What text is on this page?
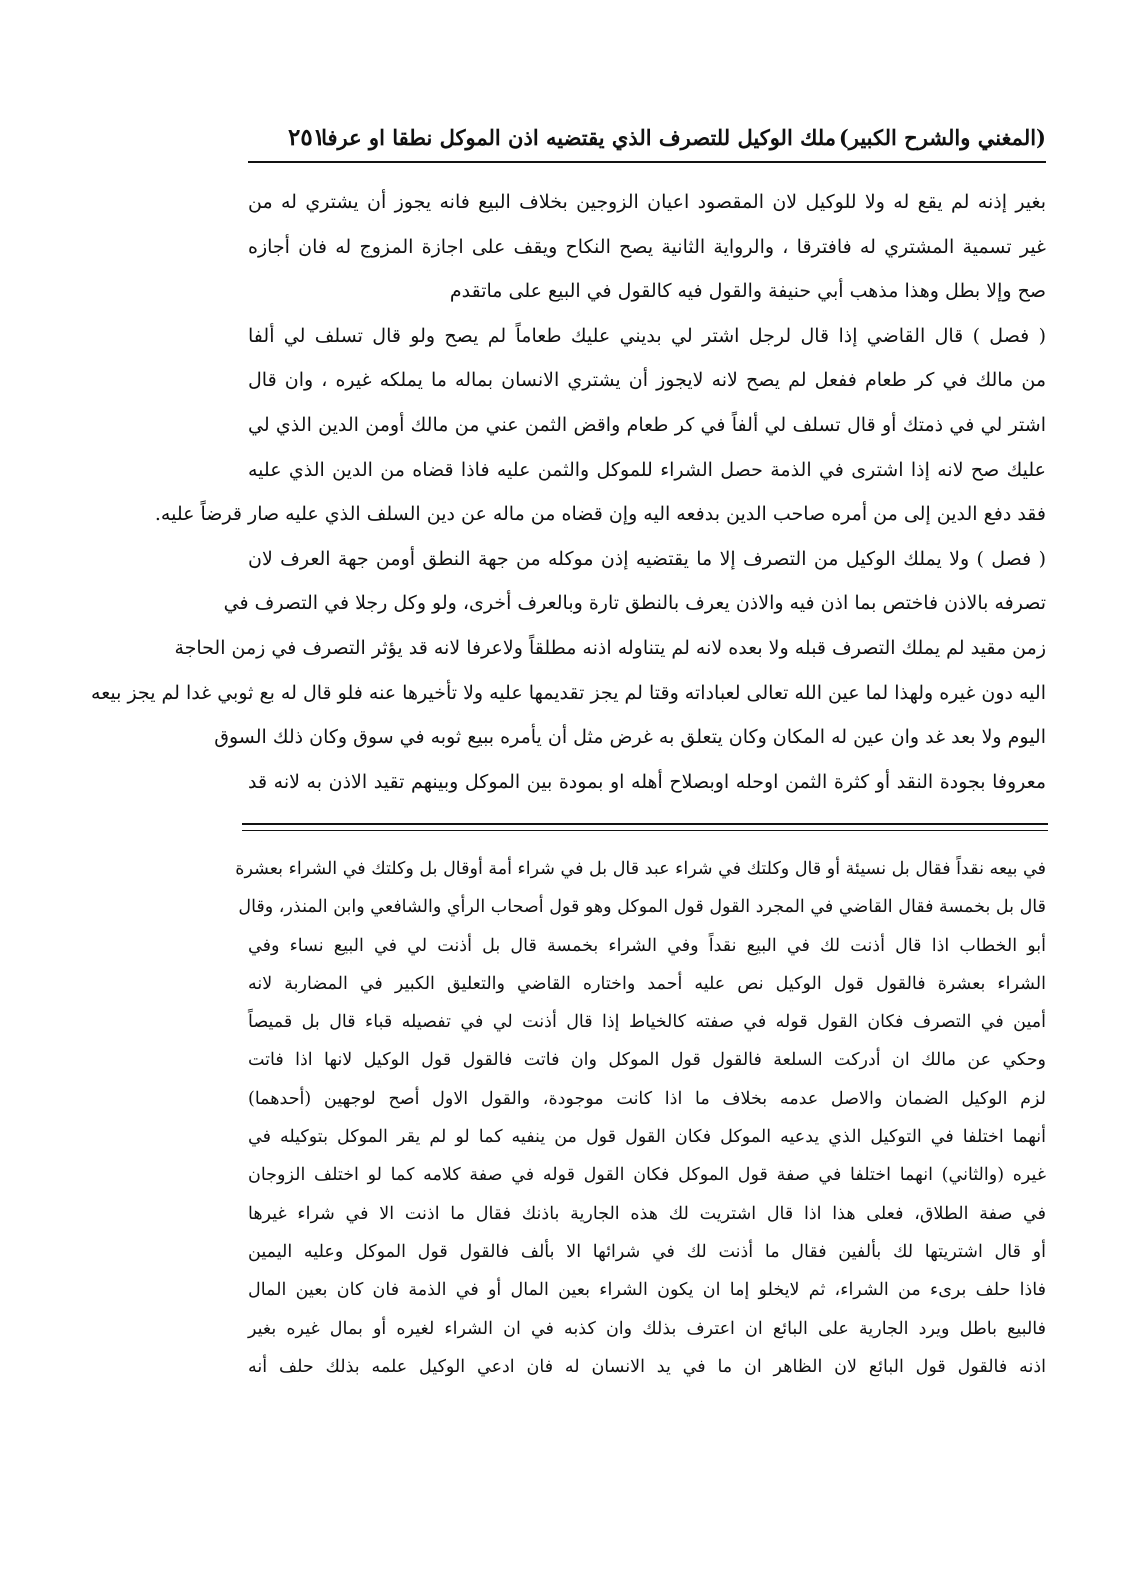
(المغني والشرح الكبير)
ملك الوكيل للتصرف الذي يقتضيه اذن الموكل نطقا او عرفا
٢٥١
بغير إذنه لم يقع له ولا للوكيل لان المقصود اعيان الزوجين بخلاف البيع فانه يجوز أن يشتري له من
غير تسمية المشتري له فافترقا ، والرواية الثانية يصح النكاح ويقف على اجازة المزوج له فان أجازه
صح وإلا بطل وهذا مذهب أبي حنيفة والقول فيه كالقول في البيع على ماتقدم
( فصل ) قال القاضي إذا قال لرجل اشتر لي بديني عليك طعاماً لم يصح ولو قال تسلف لي ألفا
من مالك في كر طعام ففعل لم يصح لانه لايجوز أن يشتري الانسان بماله ما يملكه غيره ، وان قال
اشتر لي في ذمتك أو قال تسلف لي ألفاً في كر طعام واقض الثمن عني من مالك أومن الدين الذي لي
عليك صح لانه إذا اشترى في الذمة حصل الشراء للموكل والثمن عليه فاذا قضاه من الدين الذي عليه
فقد دفع الدين إلى من أمره صاحب الدين بدفعه اليه وإن قضاه من ماله عن دين السلف الذي عليه صار قرضاً عليه.
( فصل ) ولا يملك الوكيل من التصرف إلا ما يقتضيه إذن موكله من جهة النطق أومن جهة العرف لان
تصرفه بالاذن فاختص بما اذن فيه والاذن يعرف بالنطق تارة وبالعرف أخرى، ولو وكل رجلا في التصرف في
زمن مقيد لم يملك التصرف قبله ولا بعده لانه لم يتناوله اذنه مطلقاً ولاعرفا لانه قد يؤثر التصرف في زمن الحاجة
اليه دون غيره ولهذا لما عين الله تعالى لعباداته وقتا لم يجز تقديمها عليه ولا تأخيرها عنه فلو قال له بع ثوبي غدا لم يجز بيعه
اليوم ولا بعد غد وان عين له المكان وكان يتعلق به غرض مثل أن يأمره ببيع ثوبه في سوق وكان ذلك السوق
معروفا بجودة النقد أو كثرة الثمن اوحله اوبصلاح أهله او بمودة بين الموكل وبينهم تقيد الاذن به لانه قد
في بيعه نقداً فقال بل نسيئة أو قال وكلتك في شراء عبد قال بل في شراء أمة أوقال بل وكلتك في الشراء بعشرة
قال بل بخمسة فقال القاضي في المجرد القول قول الموكل وهو قول أصحاب الرأي والشافعي وابن المنذر، وقال
أبو الخطاب اذا قال أذنت لك في البيع نقداً وفي الشراء بخمسة قال بل أذنت لي في البيع نساء وفي
الشراء بعشرة فالقول قول الوكيل نص عليه أحمد واختاره القاضي والتعليق الكبير في المضاربة لانه
أمين في التصرف فكان القول قوله في صفته كالخياط إذا قال أذنت لي في تفصيله قباء قال بل قميصاً
وحكي عن مالك ان أدركت السلعة فالقول قول الموكل وان فاتت فالقول قول الوكيل لانها اذا فاتت
لزم الوكيل الضمان والاصل عدمه بخلاف ما اذا كانت موجودة، والقول الاول أصح لوجهين (أحدهما)
أنهما اختلفا في التوكيل الذي يدعيه الموكل فكان القول قول من ينفيه كما لو لم يقر الموكل بتوكيله في
غيره (والثاني) انهما اختلفا في صفة قول الموكل فكان القول قوله في صفة كلامه كما لو اختلف الزوجان
في صفة الطلاق، فعلى هذا اذا قال اشتريت لك هذه الجارية باذنك فقال ما اذنت الا في شراء غيرها
أو قال اشتريتها لك بألفين فقال ما أذنت لك في شرائها الا بألف فالقول قول الموكل وعليه اليمين
فاذا حلف برىء من الشراء، ثم لايخلو إما ان يكون الشراء بعين المال أو في الذمة فان كان بعين المال
فالبيع باطل ويرد الجارية على البائع ان اعترف بذلك وان كذبه في ان الشراء لغيره أو بمال غيره بغير
اذنه فالقول قول البائع لان الظاهر ان ما في يد الانسان له فان ادعي الوكيل علمه بذلك حلف أنه
